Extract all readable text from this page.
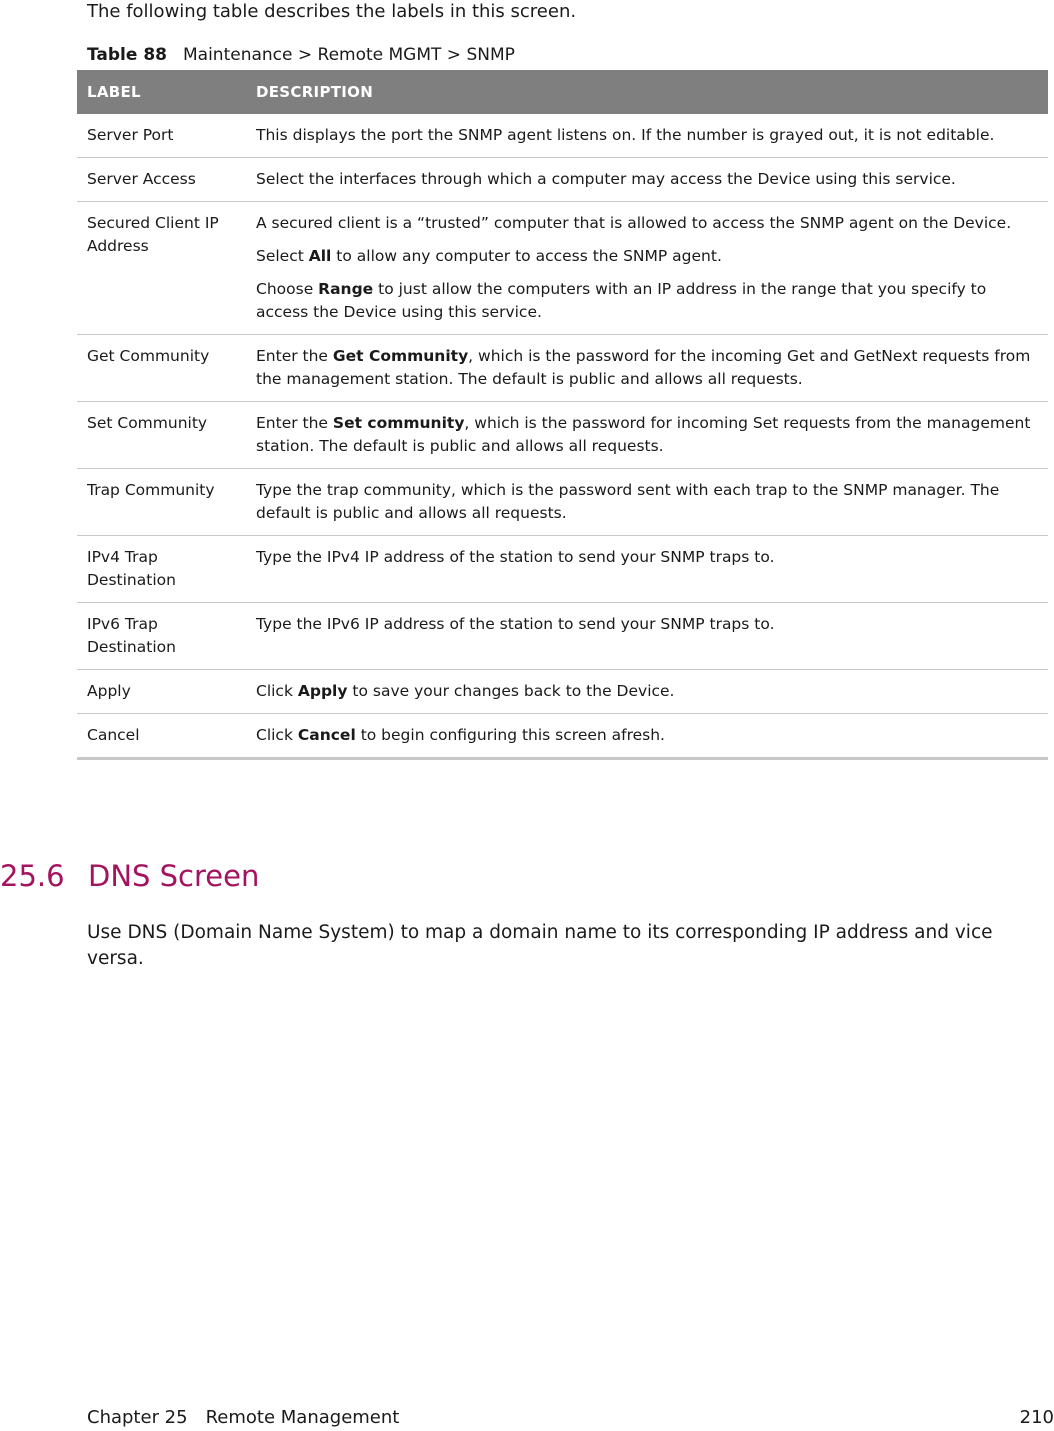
The following table describes the labels in this screen.

Table 88 Maintenance > Remote MGMT > SNMP

LABEL	DESCRIPTION
Server Port	This displays the port the SNMP agent listens on. If the number is grayed out, it is not editable.

Server Access	Select the interfaces through which a computer may access the Device using this service.

Secured Client IP Address	A secured client is a “trusted” computer that is allowed to access the SNMP agent on the Device.

Select All to allow any computer to access the SNMP agent.

Choose Range to just allow the computers with an IP address in the range that you specify to access the Device using this service.

Get Community	Enter the Get Community, which is the password for the incoming Get and GetNext requests from the management station. The default is public and allows all requests.

Set Community	Enter the Set community, which is the password for incoming Set requests from the management station. The default is public and allows all requests.

Trap Community	Type the trap community, which is the password sent with each trap to the SNMP manager. The default is public and allows all requests.

IPv4 Trap Destination	Type the IPv4 IP address of the station to send your SNMP traps to.

IPv6 Trap Destination	Type the IPv6 IP address of the station to send your SNMP traps to.

Apply	Click Apply to save your changes back to the Device.

Cancel	Click Cancel to begin configuring this screen afresh.

25.6 DNS Screen

Use DNS (Domain Name System) to map a domain name to its corresponding IP address and vice versa.

Chapter 25 Remote Management	210
